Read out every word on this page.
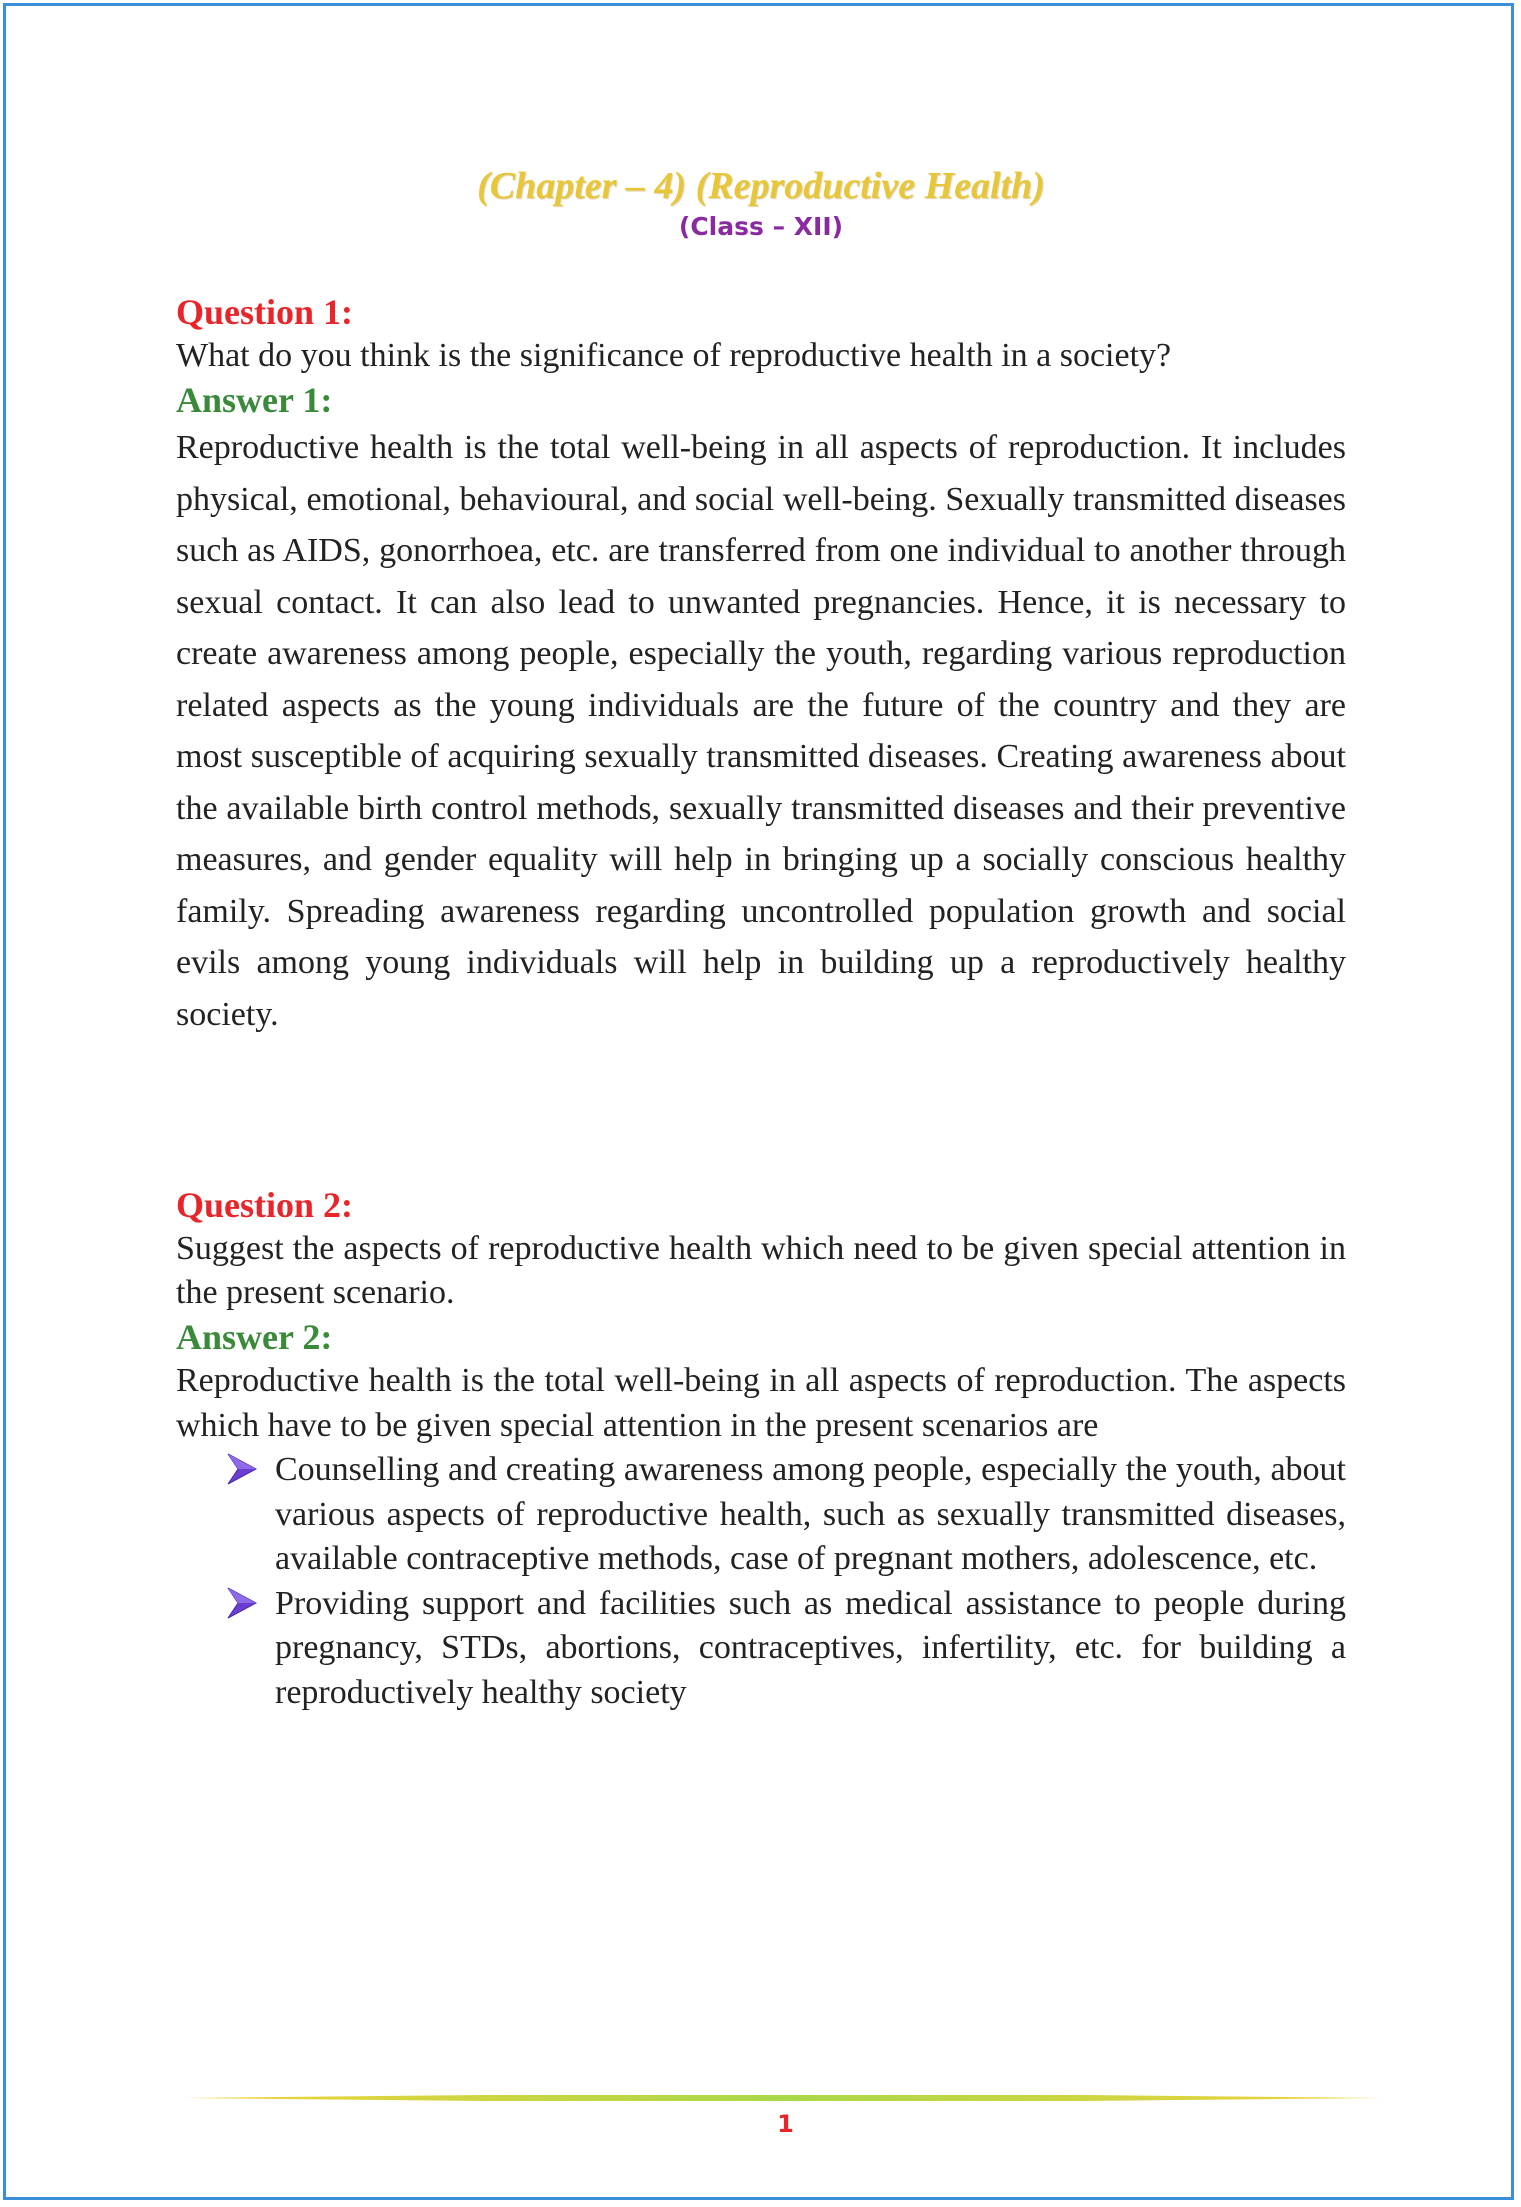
(Chapter – 4) (Reproductive Health)
(Class – XII)
Question 1:

What do you think is the significance of reproductive health in a society?

Answer 1:

Reproductive health is the total well-being in all aspects of reproduction. It includes physical, emotional, behavioural, and social well-being. Sexually transmitted diseases such as AIDS, gonorrhoea, etc. are transferred from one individual to another through sexual contact. It can also lead to unwanted pregnancies. Hence, it is necessary to create awareness among people, especially the youth, regarding various reproduction related aspects as the young individuals are the future of the country and they are most susceptible of acquiring sexually transmitted diseases. Creating awareness about the available birth control methods, sexually transmitted diseases and their preventive measures, and gender equality will help in bringing up a socially conscious healthy family. Spreading awareness regarding uncontrolled population growth and social evils among young individuals will help in building up a reproductively healthy society.

Question 2:

Suggest the aspects of reproductive health which need to be given special attention in the present scenario.

Answer 2:

Reproductive health is the total well-being in all aspects of reproduction. The aspects which have to be given special attention in the present scenarios are

Counselling and creating awareness among people, especially the youth, about various aspects of reproductive health, such as sexually transmitted diseases, available contraceptive methods, case of pregnant mothers, adolescence, etc.
Providing support and facilities such as medical assistance to people during pregnancy, STDs, abortions, contraceptives, infertility, etc. for building a reproductively healthy society
1
